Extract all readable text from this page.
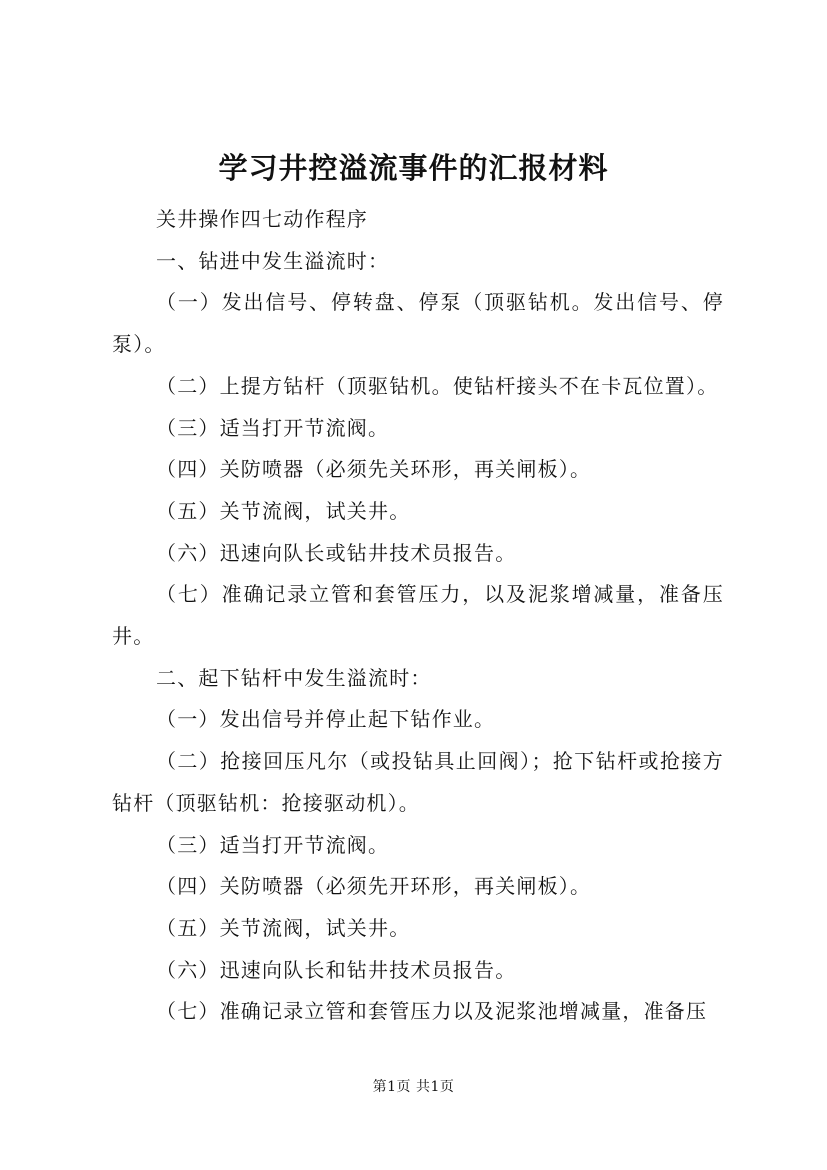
学习井控溢流事件的汇报材料

关井操作四七动作程序

一、钻进中发生溢流时：

（一）发出信号、停转盘、停泵（顶驱钻机。发出信号、停泵）。

（二）上提方钻杆（顶驱钻机。使钻杆接头不在卡瓦位置）。

（三）适当打开节流阀。

（四）关防喷器（必须先关环形，再关闸板）。

（五）关节流阀，试关井。

（六）迅速向队长或钻井技术员报告。

（七）准确记录立管和套管压力，以及泥浆增减量，准备压井。

二、起下钻杆中发生溢流时：

（一）发出信号并停止起下钻作业。

（二）抢接回压凡尔（或投钻具止回阀）；抢下钻杆或抢接方钻杆（顶驱钻机：抢接驱动机）。

（三）适当打开节流阀。

（四）关防喷器（必须先开环形，再关闸板）。

（五）关节流阀，试关井。

（六）迅速向队长和钻井技术员报告。

（七）准确记录立管和套管压力以及泥浆池增减量，准备压

第1页 共1页
